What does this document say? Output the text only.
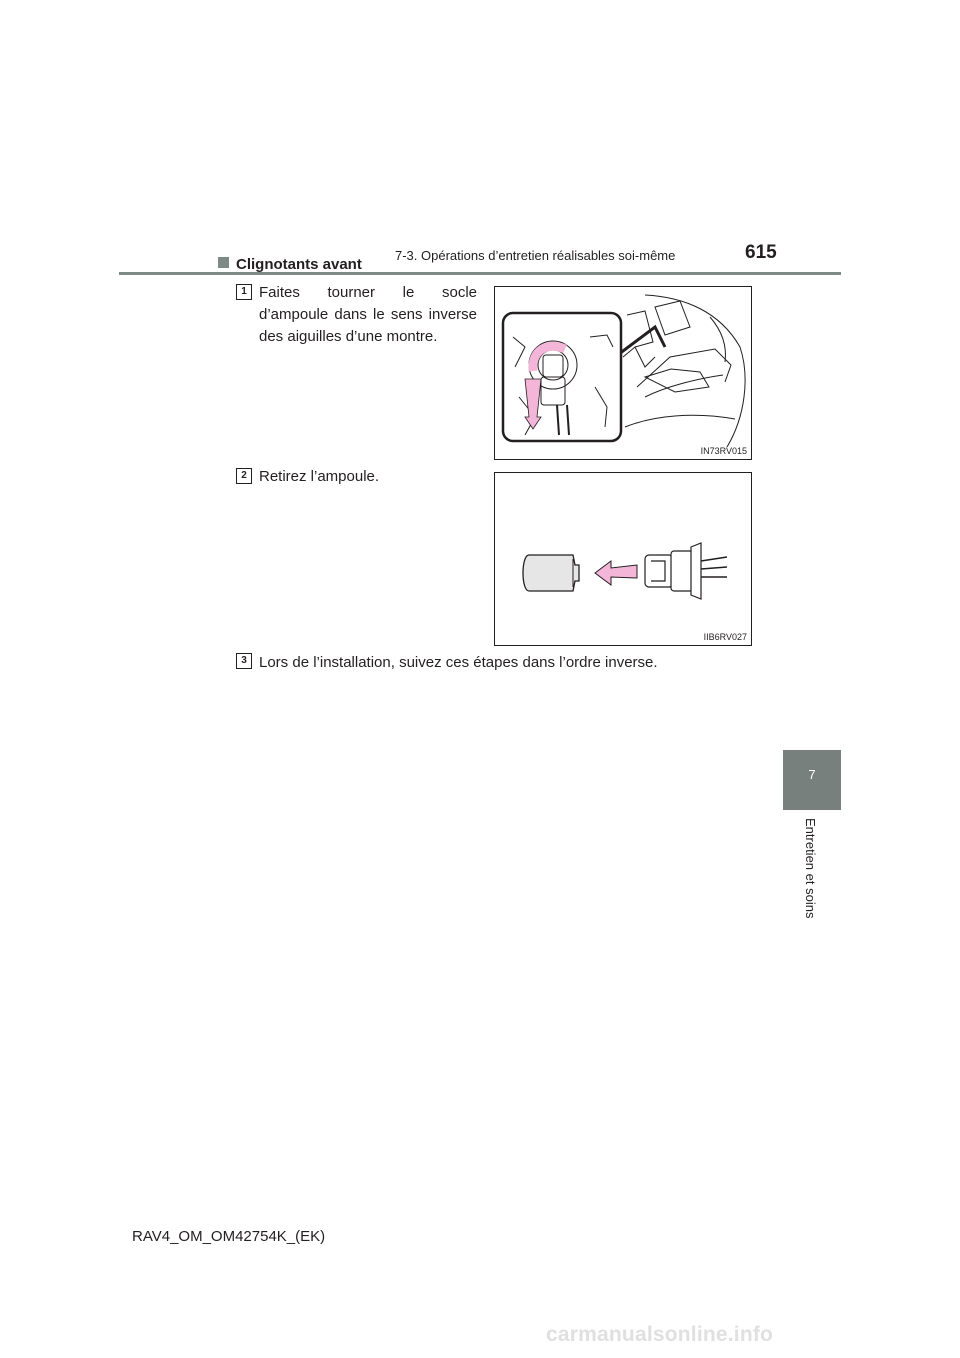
7-3. Opérations d’entretien réalisables soi-même	615
7
Entretien et soins
Clignotants avant
1 Faites tourner le socle d’ampoule dans le sens inverse des aiguilles d’une montre.
IN73RV015
2 Retirez l’ampoule.
IIB6RV027
3 Lors de l’installation, suivez ces étapes dans l’ordre inverse.
RAV4_OM_OM42754K_(EK)
carmanualsonline.info
